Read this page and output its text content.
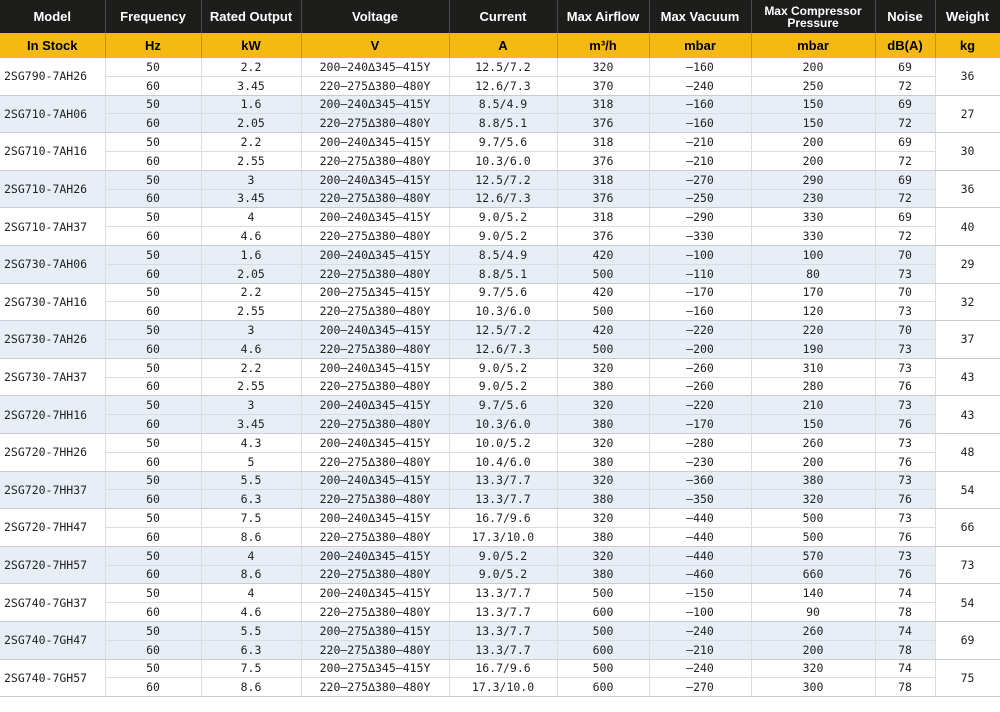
Model	Frequency	Rated Output	Voltage	Current	Max Airflow	Max Vacuum	Max Compressor Pressure	Noise	Weight
In Stock	Hz	kW	V	A	m³/h	mbar	mbar	dB(A)	kg
2SG790-7AH26	50	2.2	200–240∆345–415Y	12.5/7.2	320	–160	200	69	36
	60	3.45	220–275∆380–480Y	12.6/7.3	370	–240	250	72	
2SG710-7AH06	50	1.6	200–240∆345–415Y	8.5/4.9	318	–160	150	69	27
	60	2.05	220–275∆380–480Y	8.8/5.1	376	–160	150	72	
2SG710-7AH16	50	2.2	200–240∆345–415Y	9.7/5.6	318	–210	200	69	30
	60	2.55	220–275∆380–480Y	10.3/6.0	376	–210	200	72	
2SG710-7AH26	50	3	200–240∆345–415Y	12.5/7.2	318	–270	290	69	36
	60	3.45	220–275∆380–480Y	12.6/7.3	376	–250	230	72	
2SG710-7AH37	50	4	200–240∆345–415Y	9.0/5.2	318	–290	330	69	40
	60	4.6	220–275∆380–480Y	9.0/5.2	376	–330	330	72	
2SG730-7AH06	50	1.6	200–240∆345–415Y	8.5/4.9	420	–100	100	70	29
	60	2.05	220–275∆380–480Y	8.8/5.1	500	–110	80	73	
2SG730-7AH16	50	2.2	200–275∆345–415Y	9.7/5.6	420	–170	170	70	32
	60	2.55	220–275∆380–480Y	10.3/6.0	500	–160	120	73	
2SG730-7AH26	50	3	200–240∆345–415Y	12.5/7.2	420	–220	220	70	37
	60	4.6	220–275∆380–480Y	12.6/7.3	500	–200	190	73	
2SG730-7AH37	50	2.2	200–240∆345–415Y	9.0/5.2	320	–260	310	73	43
	60	2.55	220–275∆380–480Y	9.0/5.2	380	–260	280	76	
2SG720-7HH16	50	3	200–240∆345–415Y	9.7/5.6	320	–220	210	73	43
	60	3.45	220–275∆380–480Y	10.3/6.0	380	–170	150	76	
2SG720-7HH26	50	4.3	200–240∆345–415Y	10.0/5.2	320	–280	260	73	48
	60	5	220–275∆380–480Y	10.4/6.0	380	–230	200	76	
2SG720-7HH37	50	5.5	200–240∆345–415Y	13.3/7.7	320	–360	380	73	54
	60	6.3	220–275∆380–480Y	13.3/7.7	380	–350	320	76	
2SG720-7HH47	50	7.5	200–240∆345–415Y	16.7/9.6	320	–440	500	73	66
	60	8.6	220–275∆380–480Y	17.3/10.0	380	–440	500	76	
2SG720-7HH57	50	4	200–240∆345–415Y	9.0/5.2	320	–440	570	73	73
	60	8.6	220–275∆380–480Y	9.0/5.2	380	–460	660	76	
2SG740-7GH37	50	4	200–240∆345–415Y	13.3/7.7	500	–150	140	74	54
	60	4.6	220–275∆380–480Y	13.3/7.7	600	–100	90	78	
2SG740-7GH47	50	5.5	200–275∆380–415Y	13.3/7.7	500	–240	260	74	69
	60	6.3	220–275∆380–480Y	13.3/7.7	600	–210	200	78	
2SG740-7GH57	50	7.5	200–275∆345–415Y	16.7/9.6	500	–240	320	74	75
	60	8.6	220–275∆380–480Y	17.3/10.0	600	–270	300	78	
